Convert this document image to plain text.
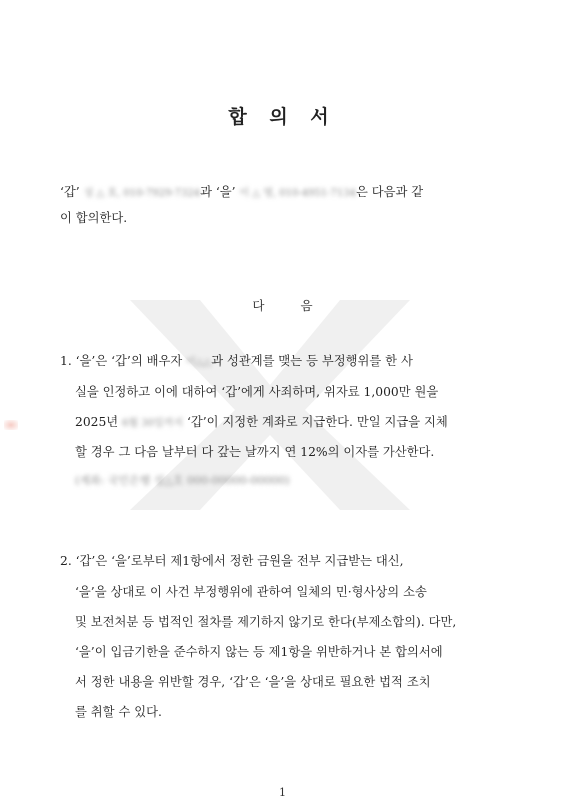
합 의 서
‘갑’ 성 △ 호, 010-7929-7324과 ‘을’ 이 △ 영, 010-4951-7134은 다음과 같
이 합의한다.
다	음
1. ‘을’은 ‘갑’의 배우자 이△△과 성관계를 맺는 등 부정행위를 한 사
실을 인정하고 이에 대하여 ‘갑’에게 사죄하며, 위자료 1,000만 원을
2025년 6월 30일까지 ‘갑’이 지정한 계좌로 지급한다. 만일 지급을 지체
할 경우 그 다음 날부터 다 갚는 날까지 연 12%의 이자를 가산한다.
(계좌: 국민은행 성△호 000-00000-00000)
2. ‘갑’은 ‘을’로부터 제1항에서 정한 금원을 전부 지급받는 대신,
‘을’을 상대로 이 사건 부정행위에 관하여 일체의 민·형사상의 소송
및 보전처분 등 법적인 절차를 제기하지 않기로 한다(부제소합의). 다만,
‘을’이 입금기한을 준수하지 않는 등 제1항을 위반하거나 본 합의서에
서 정한 내용을 위반할 경우, ‘갑’은 ‘을’을 상대로 필요한 법적 조치
를 취할 수 있다.
1
